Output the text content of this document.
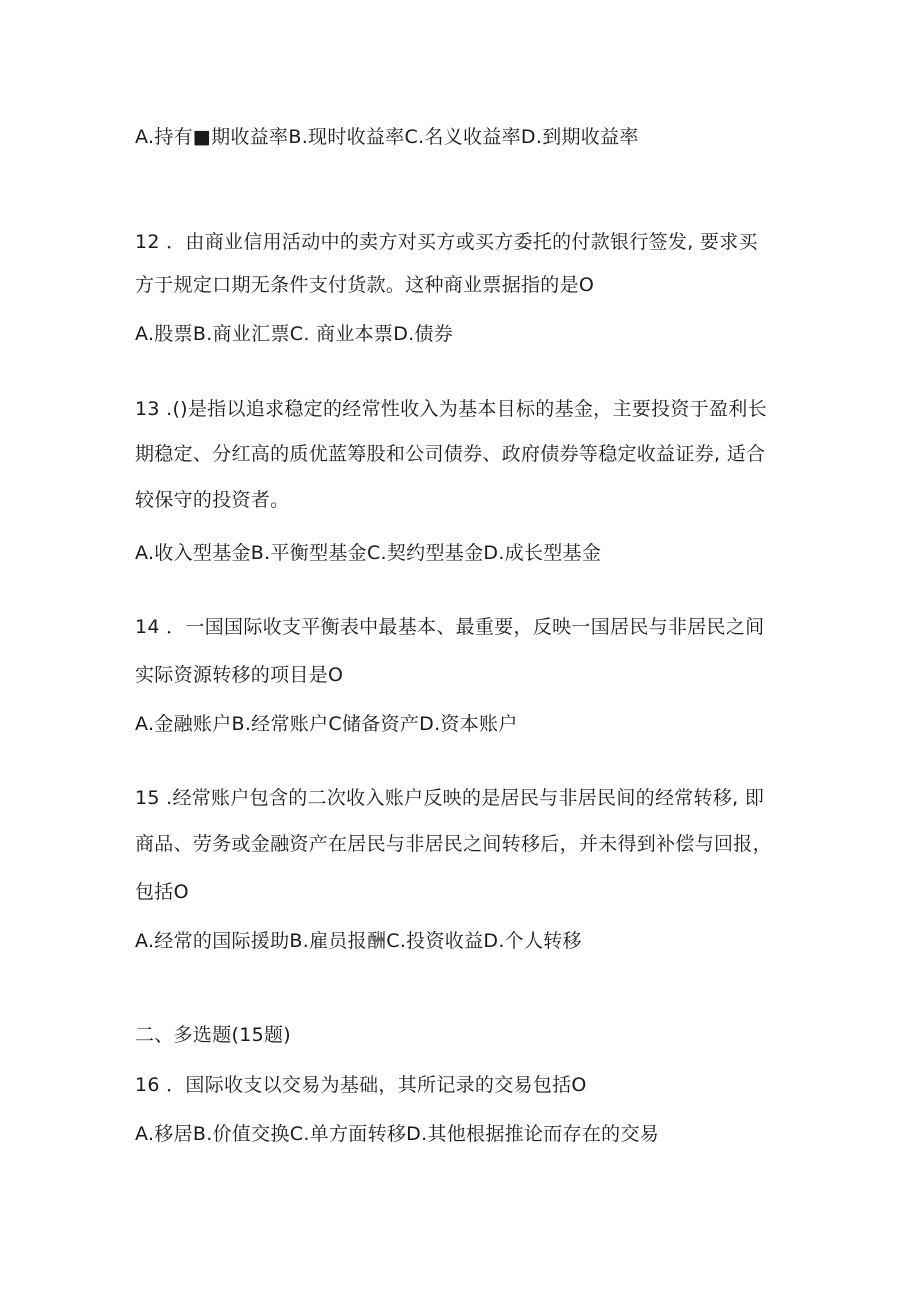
A.持有■期收益率B.现时收益率C.名义收益率D.到期收益率
12 ．由商业信用活动中的卖方对买方或买方委托的付款银行签发, 要求买
方于规定口期无条件支付货款。这种商业票据指的是O
A.股票B.商业汇票C. 商业本票D.债券
13 .()是指以追求稳定的经常性收入为基本目标的基金，主要投资于盈利长
期稳定、分红高的质优蓝筹股和公司债券、政府债券等稳定收益证券, 适合
较保守的投资者。
A.收入型基金B.平衡型基金C.契约型基金D.成长型基金
14 ．一国国际收支平衡表中最基本、最重要，反映一国居民与非居民之间
实际资源转移的项目是O
A.金融账户B.经常账户C储备资产D.资本账户
15 .经常账户包含的二次收入账户反映的是居民与非居民间的经常转移, 即
商品、劳务或金融资产在居民与非居民之间转移后，并未得到补偿与回报，
包括O
A.经常的国际援助B.雇员报酬C.投资收益D.个人转移
二、多选题(15题)
16 ．国际收支以交易为基础，其所记录的交易包括O
A.移居B.价值交换C.单方面转移D.其他根据推论而存在的交易
